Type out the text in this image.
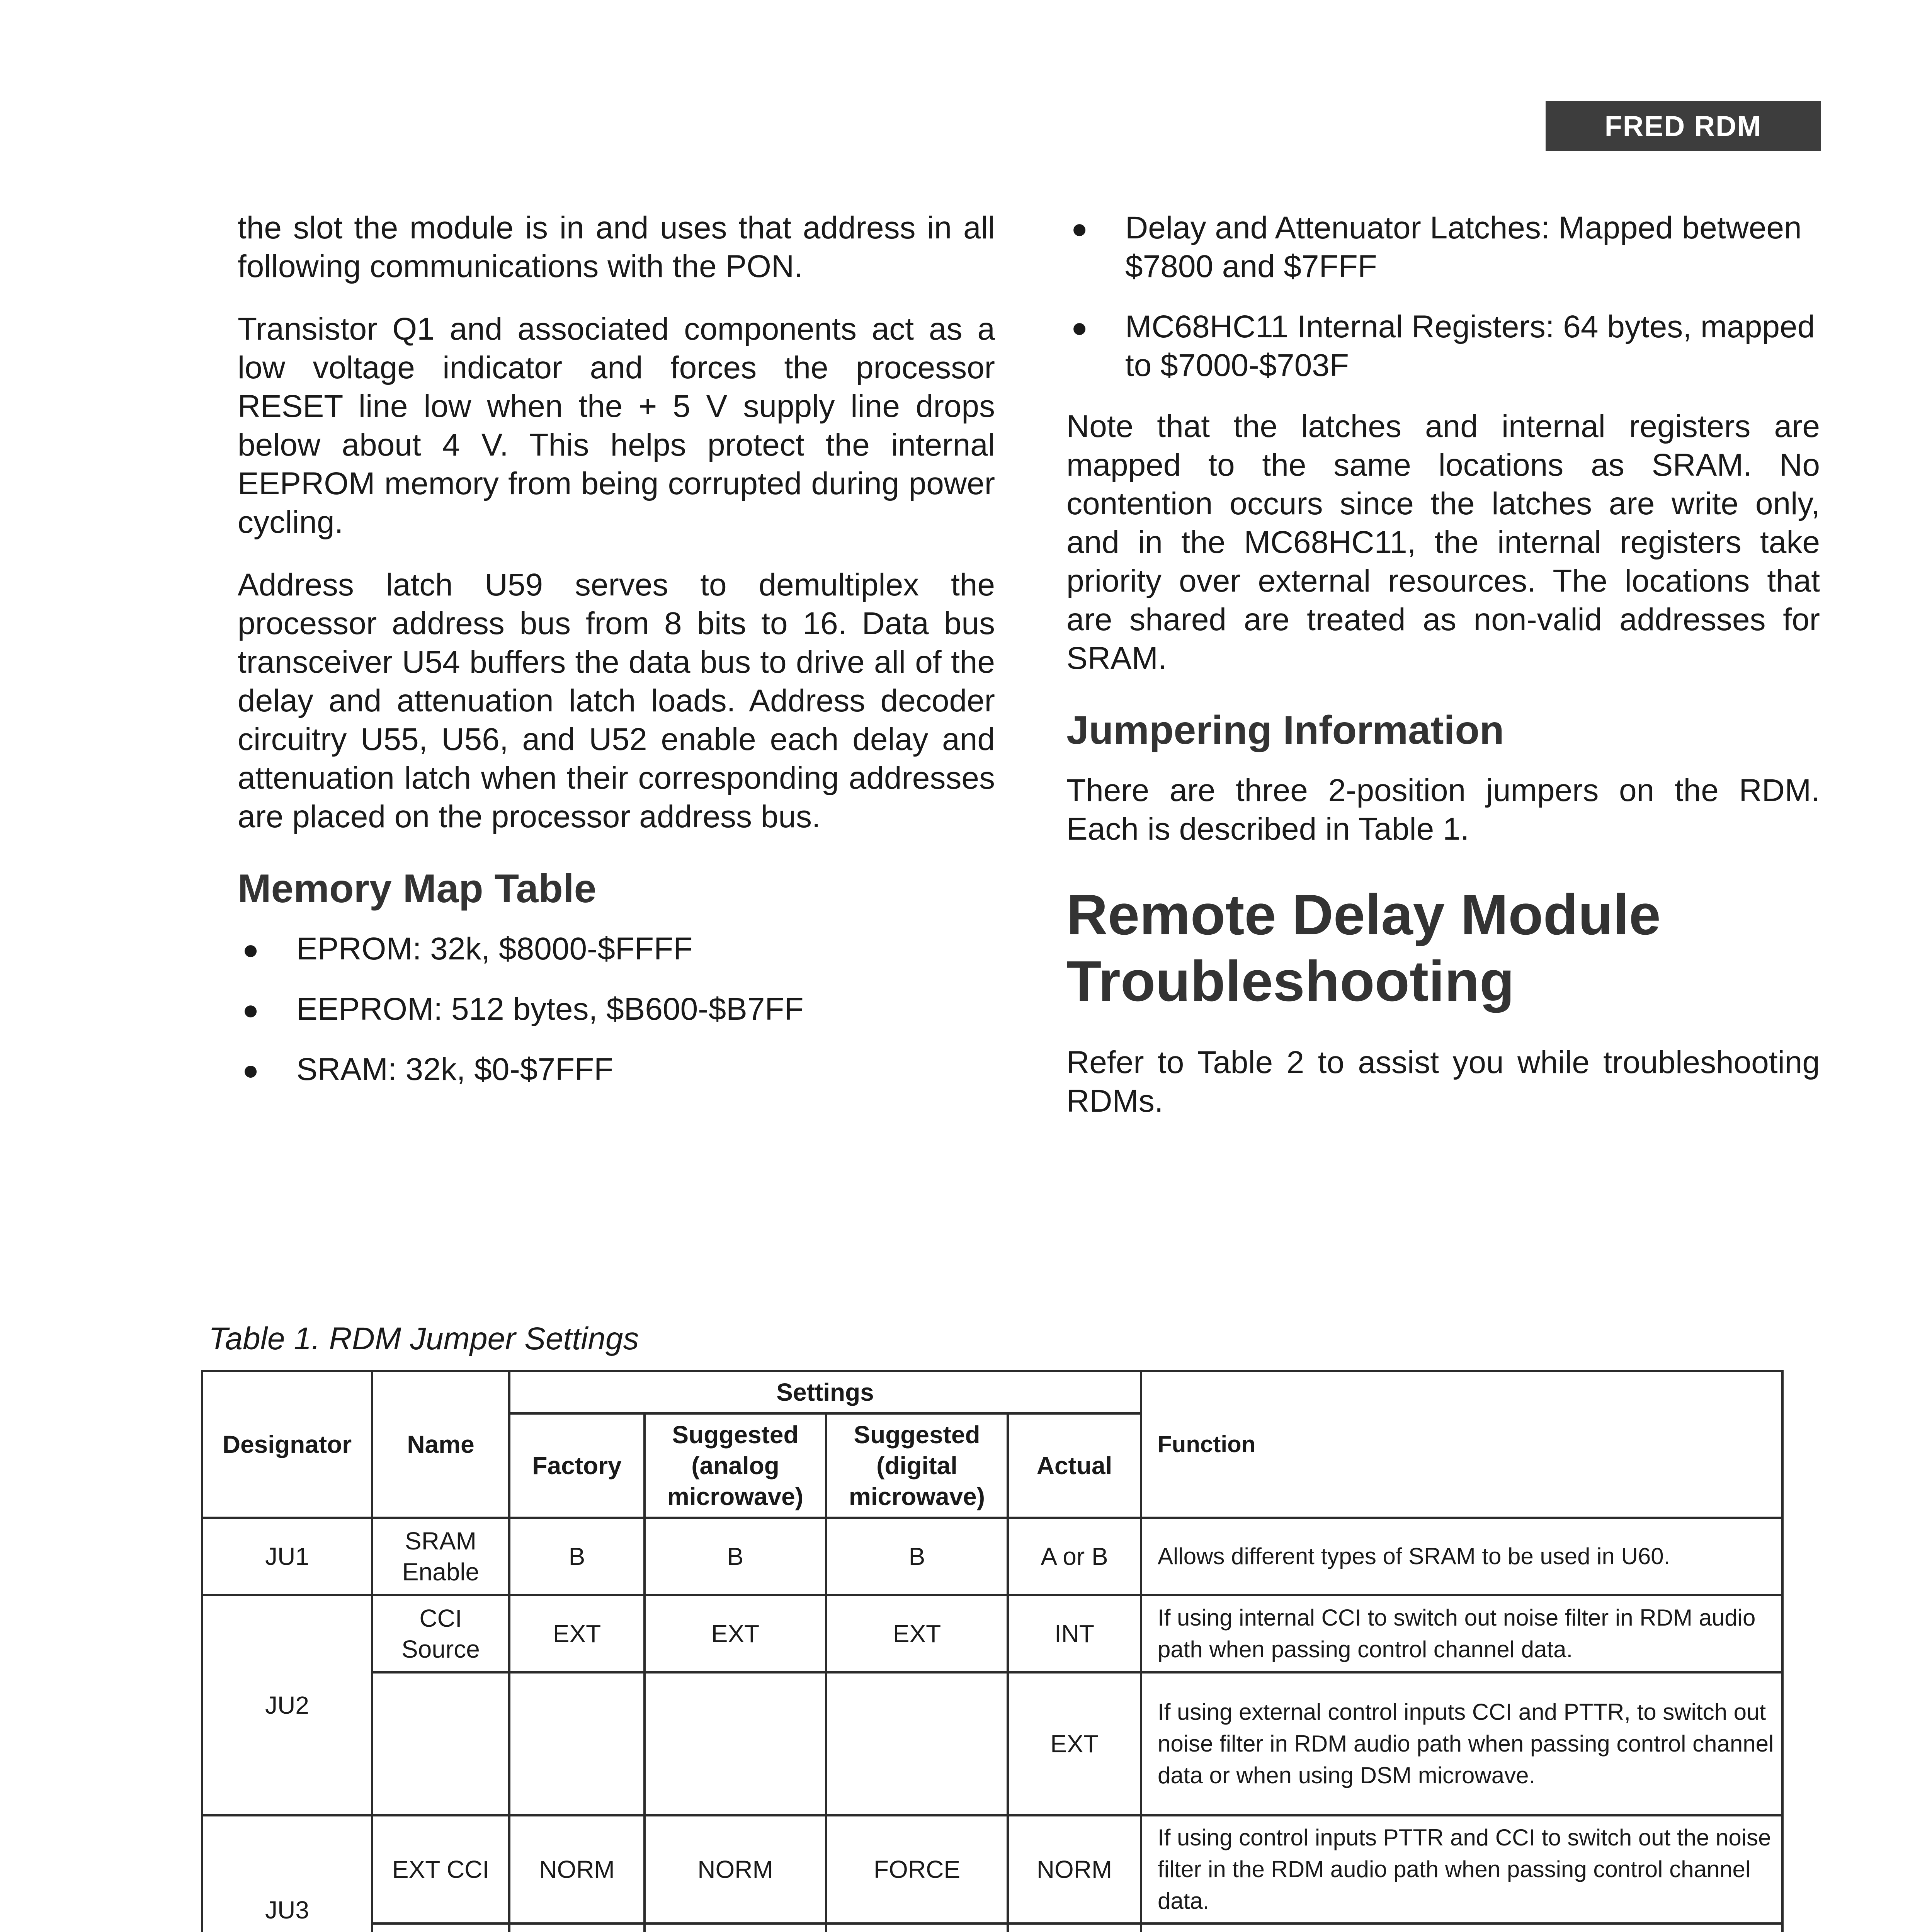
FRED RDM

the slot the module is in and uses that address in all following communications with the PON.

Transistor Q1 and associated components act as a low voltage indicator and forces the processor RESET line low when the + 5 V supply line drops below about 4 V. This helps protect the internal EEPROM memory from being corrupted during power cycling.

Address latch U59 serves to demultiplex the processor address bus from 8 bits to 16. Data bus transceiver U54 buffers the data bus to drive all of the delay and attenuation latch loads. Address decoder circuitry U55, U56, and U52 enable each delay and attenuation latch when their corresponding addresses are placed on the processor address bus.

Memory Map Table
● EPROM: 32k, $8000-$FFFF
● EEPROM: 512 bytes, $B600-$B7FF
● SRAM: 32k, $0-$7FFF
● Delay and Attenuator Latches: Mapped between $7800 and $7FFF
● MC68HC11 Internal Registers: 64 bytes, mapped to $7000-$703F

Note that the latches and internal registers are mapped to the same locations as SRAM. No contention occurs since the latches are write only, and in the MC68HC11, the internal registers take priority over external resources. The locations that are shared are treated as non-valid addresses for SRAM.

Jumpering Information

There are three 2-position jumpers on the RDM. Each is described in Table 1.

Remote Delay Module Troubleshooting

Refer to Table 2 to assist you while troubleshooting RDMs.

Table 1. RDM Jumper Settings
Designator	Name	Settings				Function
		Factory	Suggested (analog microwave)	Suggested (digital microwave)	Actual	
JU1	SRAM Enable	B	B	B	A or B	Allows different types of SRAM to be used in U60.
JU2	CCI Source	EXT	EXT	EXT	INT	If using internal CCI to switch out noise filter in RDM audio path when passing control channel data.
					EXT	If using external control inputs CCI and PTTR, to switch out noise filter in RDM audio path when passing control channel data or when using DSM microwave.
JU3	EXT CCI	NORM	NORM	FORCE	NORM	If using control inputs PTTR and CCI to switch out the noise filter in the RDM audio path when passing control channel data.
